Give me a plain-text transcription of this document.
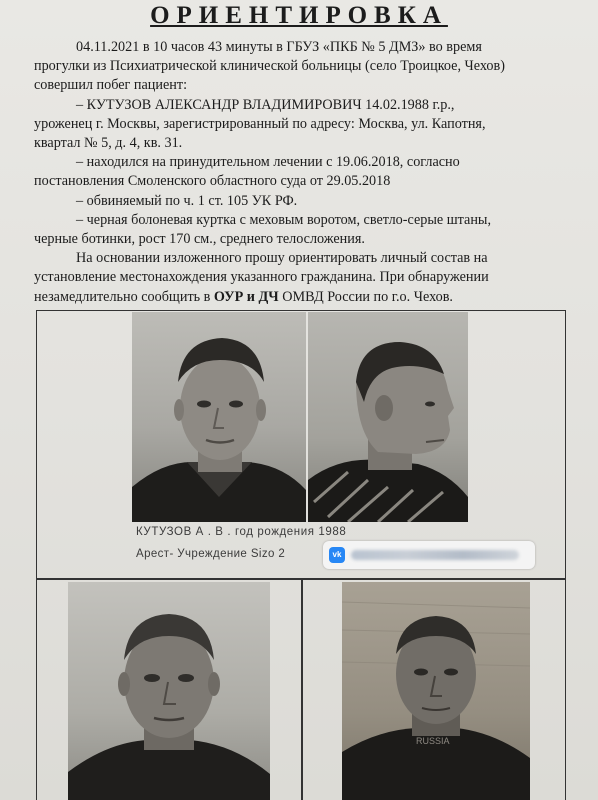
ОРИЕНТИРОВКА

04.11.2021 в 10 часов 43 минуты в ГБУЗ «ПКБ № 5 ДМЗ» во время

прогулки из Психиатрической клинической больницы (село Троицкое, Чехов)

совершил побег пациент:

– КУТУЗОВ АЛЕКСАНДР ВЛАДИМИРОВИЧ 14.02.1988 г.р.,

уроженец г. Москвы, зарегистрированный по адресу: Москва, ул. Капотня,

квартал № 5, д. 4, кв. 31.

– находился на принудительном лечении с 19.06.2018, согласно

постановления Смоленского областного суда от 29.05.2018

– обвиняемый по ч. 1 ст. 105 УК РФ.

– черная болоневая куртка с меховым воротом, светло-серые штаны,

черные ботинки, рост 170 см., среднего телосложения.

На основании изложенного прошу ориентировать личный состав на

установление местонахождения указанного гражданина. При обнаружении

незамедлительно сообщить в ОУР и ДЧ ОМВД России по г.о. Чехов.

КУТУЗОВ А . В . год рождения 1988
Арест- Учреждение Sizo 2	vk
RUSSIA
